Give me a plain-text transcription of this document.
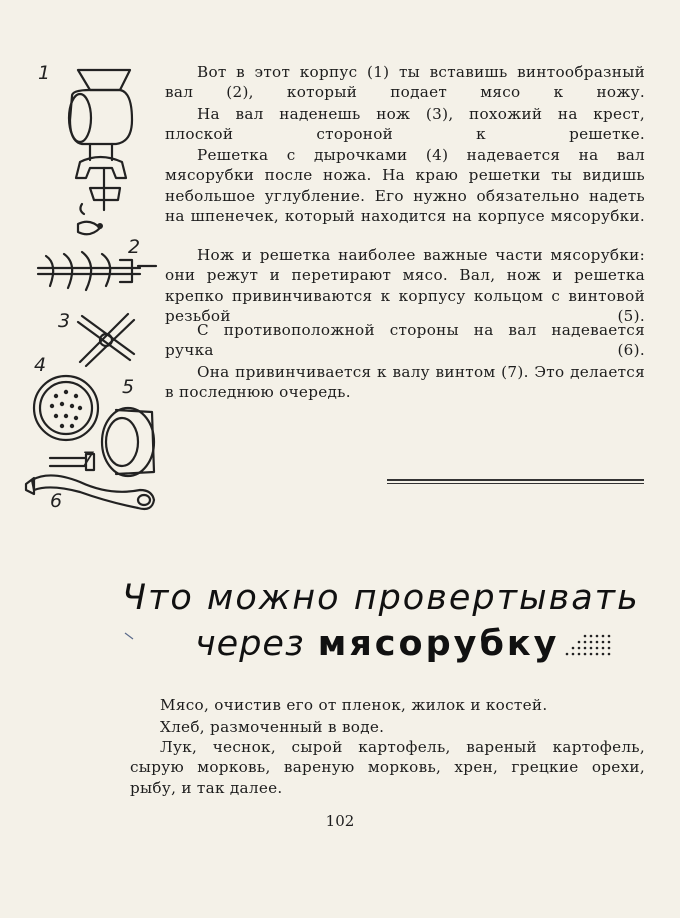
1
2
3
4
5
6
7

Вот в этот корпус (1) ты вставишь винтообразный вал (2), который подает мясо к ножу.

На вал наденешь нож (3), похожий на крест, плоской стороной к решетке.

Решетка с дырочками (4) надевается на вал мясорубки после ножа. На краю решетки ты видишь небольшое углубление. Его нужно обязательно надеть на шпенечек, который находится на корпусе мясорубки.

Нож и решетка наиболее важные части мясорубки: они режут и перетирают мясо. Вал, нож и решетка крепко привинчиваются к корпусу кольцом с винтовой резьбой (5).

С противоположной стороны на вал надевается ручка (6).

Она привинчивается к валу винтом (7). Это делается в последнюю очередь.

Что можно провертывать
через мясорубку

Мясо, очистив его от пленок, жилок и костей.

Хлеб, размоченный в воде.

Лук, чеснок, сырой картофель, вареный картофель, сырую морковь, вареную морковь, хрен, грецкие орехи, рыбу, и так далее.

102
